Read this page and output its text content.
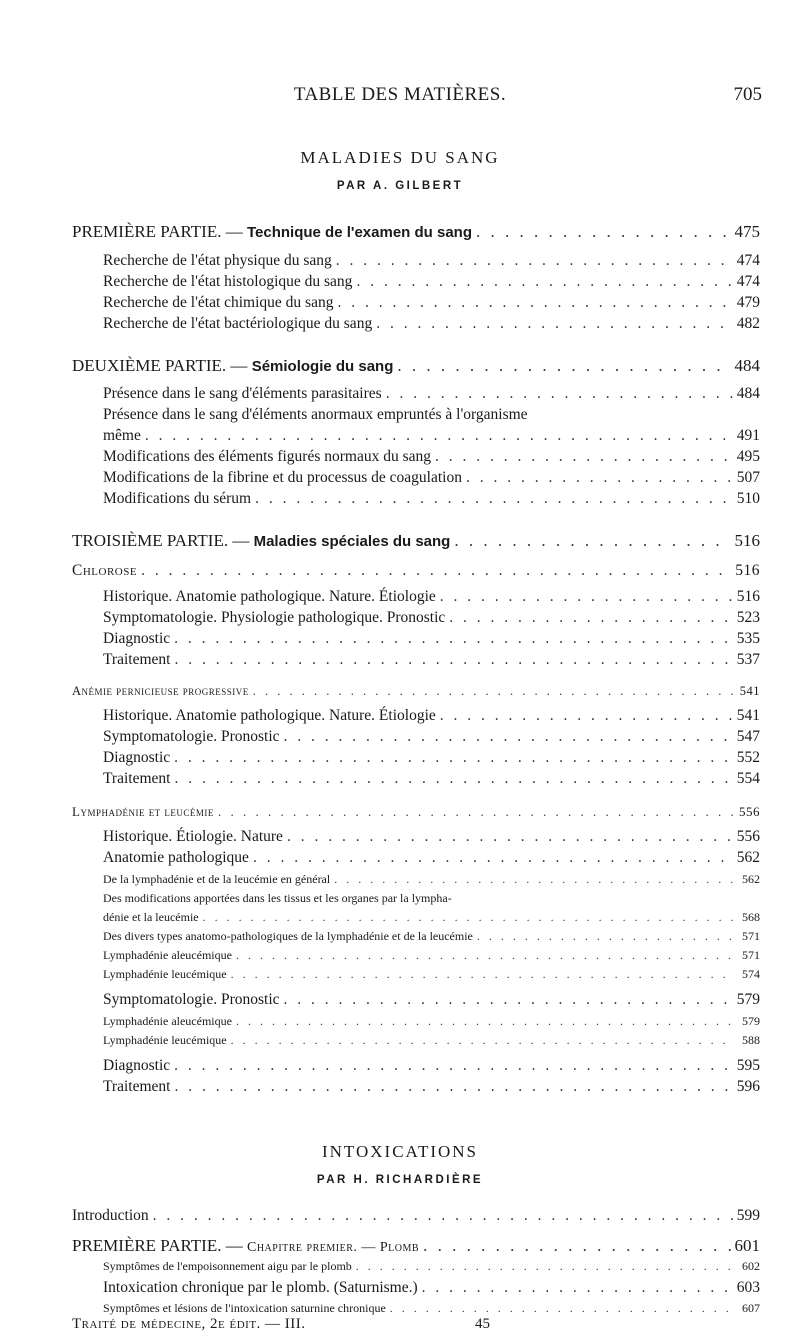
TABLE DES MATIÈRES.	705
MALADIES DU SANG
PAR A. GILBERT
PREMIÈRE PARTIE. — Technique de l'examen du sang . . .	475
Recherche de l'état physique du sang . . .	474
Recherche de l'état histologique du sang . . .	474
Recherche de l'état chimique du sang . . .	479
Recherche de l'état bactériologique du sang . . .	482
DEUXIÈME PARTIE. — Sémiologie du sang . . .	484
Présence dans le sang d'éléments parasitaires . . .	484
Présence dans le sang d'éléments anormaux empruntés à l'organisme
même . . .	491
Modifications des éléments figurés normaux du sang . . .	495
Modifications de la fibrine et du processus de coagulation . . .	507
Modifications du sérum . . .	510
TROISIÈME PARTIE. — Maladies spéciales du sang . . .	516
Chlorose . . .	516
Historique. Anatomie pathologique. Nature. Étiologie . . .	516
Symptomatologie. Physiologie pathologique. Pronostic . . .	523
Diagnostic . . .	535
Traitement . . .	537
Anémie pernicieuse progressive . . .	541
Historique. Anatomie pathologique. Nature. Étiologie . . .	541
Symptomatologie. Pronostic . . .	547
Diagnostic . . .	552
Traitement . . .	554
Lymphadénie et leucémie . . .	556
Historique. Étiologie. Nature . . .	556
Anatomie pathologique . . .	562
De la lymphadénie et de la leucémie en général . . .	562
Des modifications apportées dans les tissus et les organes par la lympha-
dénie et la leucémie . . .	568
Des divers types anatomo-pathologiques de la lymphadénie et de la leucémie . . .	571
Lymphadénie aleucémique . . .	571
Lymphadénie leucémique . . .	574
Symptomatologie. Pronostic . . .	579
Lymphadénie aleucémique . . .	579
Lymphadénie leucémique . . .	588
Diagnostic . . .	595
Traitement . . .	596
INTOXICATIONS
PAR H. RICHARDIÈRE
Introduction . . .	599
PREMIÈRE PARTIE. — Chapitre premier. — Plomb . . .	601
Symptômes de l'empoisonnement aigu par le plomb . . .	602
Intoxication chronique par le plomb. (Saturnisme.) . . .	603
Symptômes et lésions de l'intoxication saturnine chronique . . .	607
Traité de médecine, 2e édit. — III.	45
